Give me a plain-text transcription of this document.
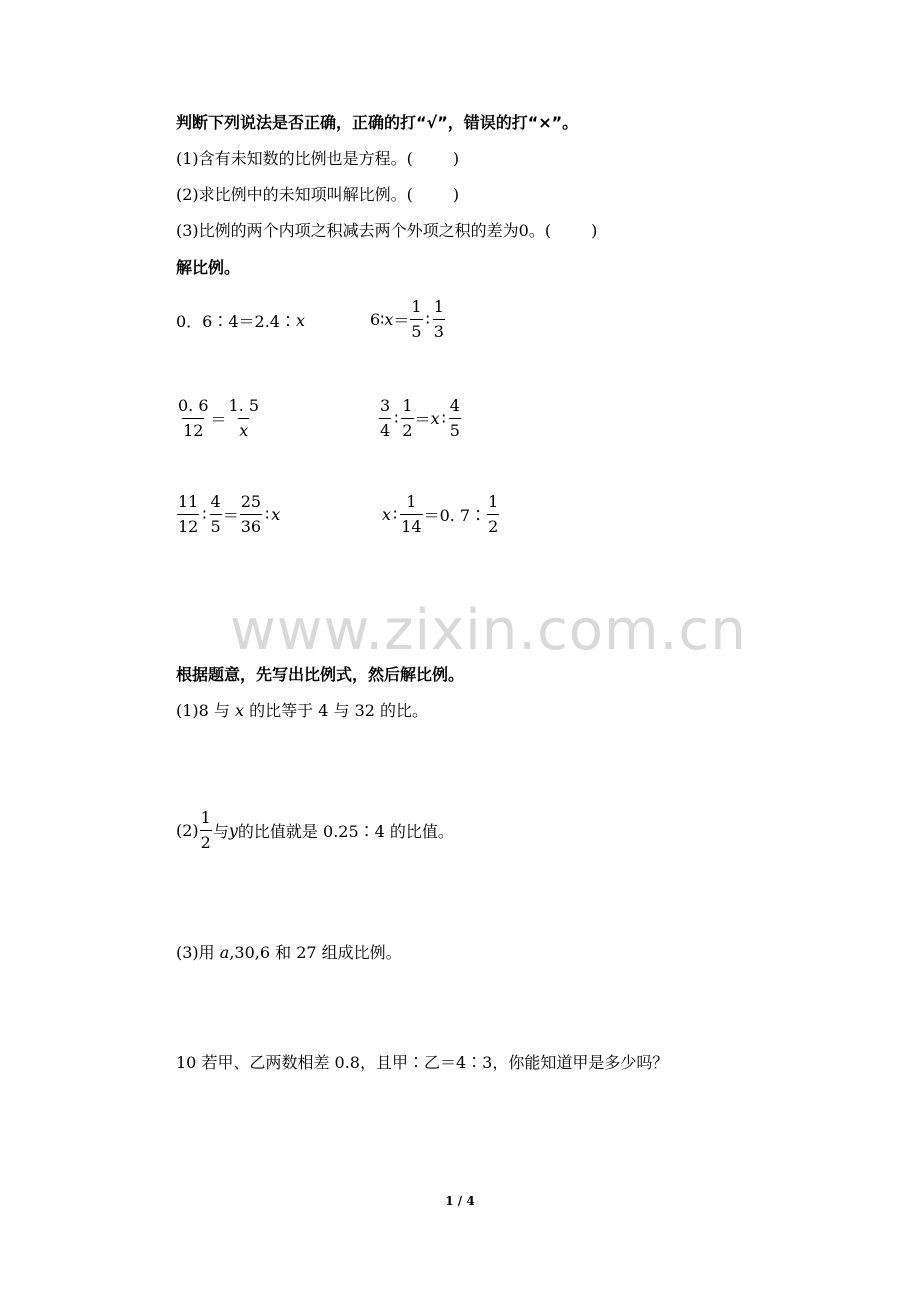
判断下列说法是否正确，正确的打“√”，错误的打“×”。
(1)含有未知数的比例也是方程。(	)
(2)求比例中的未知项叫解比例。(	)
(3)比例的两个内项之积减去两个外项之积的差为0。(	)
解比例。
0．6∶4＝2.4∶ x	6∶ $x = \frac{1}{5}$ ∶ $\frac{1}{3}$
$\frac{0. 6}{12} = \frac{1. 5}{x}$	$\frac{3}{4}$ ∶ $\frac{1}{2} = x$ ∶ $\frac{4}{5}$
$\frac{11}{12}$ ∶ $\frac{4}{5} = \frac{25}{36}$ ∶ x	x ∶ $\frac{1}{14} =0$. 7∶ $\frac{1}{2}$
www.zixin.com.cn
根据题意，先写出比例式，然后解比例。
(1)8 与 x 的比等于 4 与 32 的比。
$(2) \frac{1}{2}$ 与 y 的比值就是 0.25∶4 的比值。
(3)用 a,30,6 和 27 组成比例。
10 若甲、乙两数相差 0.8，且甲∶乙＝4∶3，你能知道甲是多少吗？
1 / 4
